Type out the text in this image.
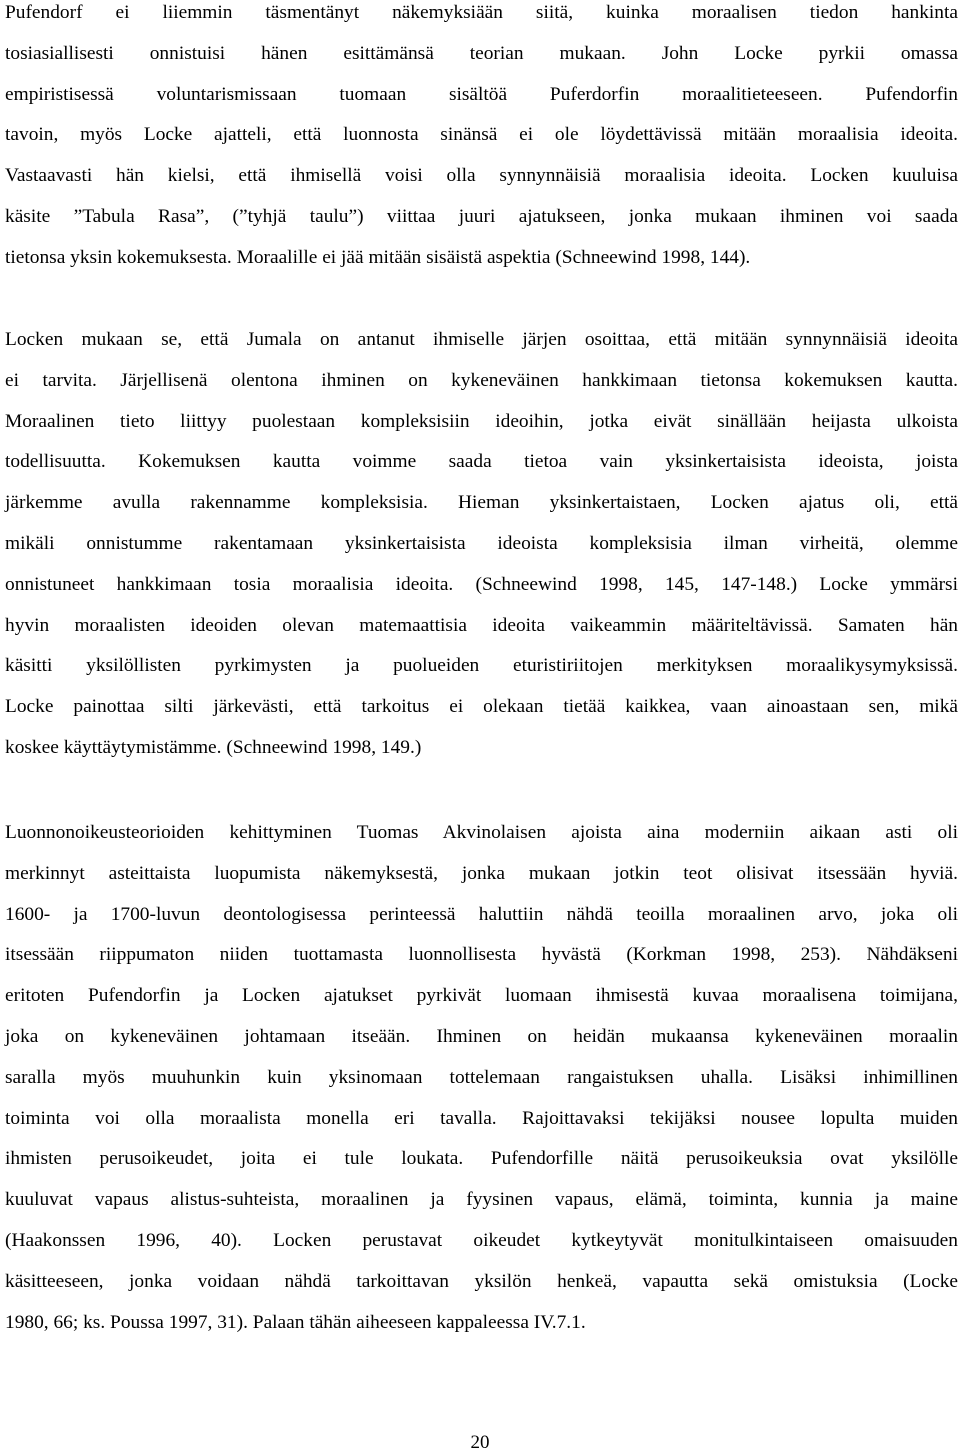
Pufendorf ei liiemmin täsmentänyt näkemyksiään siitä, kuinka moraalisen tiedon hankinta
tosiasiallisesti onnistuisi hänen esittämänsä teorian mukaan. John Locke pyrkii omassa
empiristisessä voluntarismissaan tuomaan sisältöä Puferdorfin moraalitieteeseen. Pufendorfin
tavoin, myös Locke ajatteli, että luonnosta sinänsä ei ole löydettävissä mitään moraalisia ideoita.
Vastaavasti hän kielsi, että ihmisellä voisi olla synnynnäisiä moraalisia ideoita. Locken kuuluisa
käsite ”Tabula Rasa”, (”tyhjä taulu”) viittaa juuri ajatukseen, jonka mukaan ihminen voi saada
tietonsa yksin kokemuksesta. Moraalille ei jää mitään sisäistä aspektia (Schneewind 1998, 144).
Locken mukaan se, että Jumala on antanut ihmiselle järjen osoittaa, että mitään synnynnäisiä ideoita
ei tarvita. Järjellisenä olentona ihminen on kykeneväinen hankkimaan tietonsa kokemuksen kautta.
Moraalinen tieto liittyy puolestaan kompleksisiin ideoihin, jotka eivät sinällään heijasta ulkoista
todellisuutta. Kokemuksen kautta voimme saada tietoa vain yksinkertaisista ideoista, joista
järkemme avulla rakennamme kompleksisia. Hieman yksinkertaistaen, Locken ajatus oli, että
mikäli onnistumme rakentamaan yksinkertaisista ideoista kompleksisia ilman virheitä, olemme
onnistuneet hankkimaan tosia moraalisia ideoita. (Schneewind 1998, 145, 147-148.) Locke ymmärsi
hyvin moraalisten ideoiden olevan matemaattisia ideoita vaikeammin määriteltävissä. Samaten hän
käsitti yksilöllisten pyrkimysten ja puolueiden eturistiriitojen merkityksen moraalikysymyksissä.
Locke painottaa silti järkevästi, että tarkoitus ei olekaan tietää kaikkea, vaan ainoastaan sen, mikä
koskee käyttäytymistämme. (Schneewind 1998, 149.)
Luonnonoikeusteorioiden kehittyminen Tuomas Akvinolaisen ajoista aina moderniin aikaan asti oli
merkinnyt asteittaista luopumista näkemyksestä, jonka mukaan jotkin teot olisivat itsessään hyviä.
1600- ja 1700-luvun deontologisessa perinteessä haluttiin nähdä teoilla moraalinen arvo, joka oli
itsessään riippumaton niiden tuottamasta luonnollisesta hyvästä (Korkman 1998, 253). Nähdäkseni
eritoten Pufendorfin ja Locken ajatukset pyrkivät luomaan ihmisestä kuvaa moraalisena toimijana,
joka on kykeneväinen johtamaan itseään. Ihminen on heidän mukaansa kykeneväinen moraalin
saralla myös muuhunkin kuin yksinomaan tottelemaan rangaistuksen uhalla. Lisäksi inhimillinen
toiminta voi olla moraalista monella eri tavalla. Rajoittavaksi tekijäksi nousee lopulta muiden
ihmisten perusoikeudet, joita ei tule loukata. Pufendorfille näitä perusoikeuksia ovat yksilölle
kuuluvat vapaus alistus-suhteista, moraalinen ja fyysinen vapaus, elämä, toiminta, kunnia ja maine
(Haakonssen 1996, 40). Locken perustavat oikeudet kytkeytyvät monitulkintaiseen omaisuuden
käsitteeseen, jonka voidaan nähdä tarkoittavan yksilön henkeä, vapautta sekä omistuksia (Locke
1980, 66; ks. Poussa 1997, 31). Palaan tähän aiheeseen kappaleessa IV.7.1.
20
